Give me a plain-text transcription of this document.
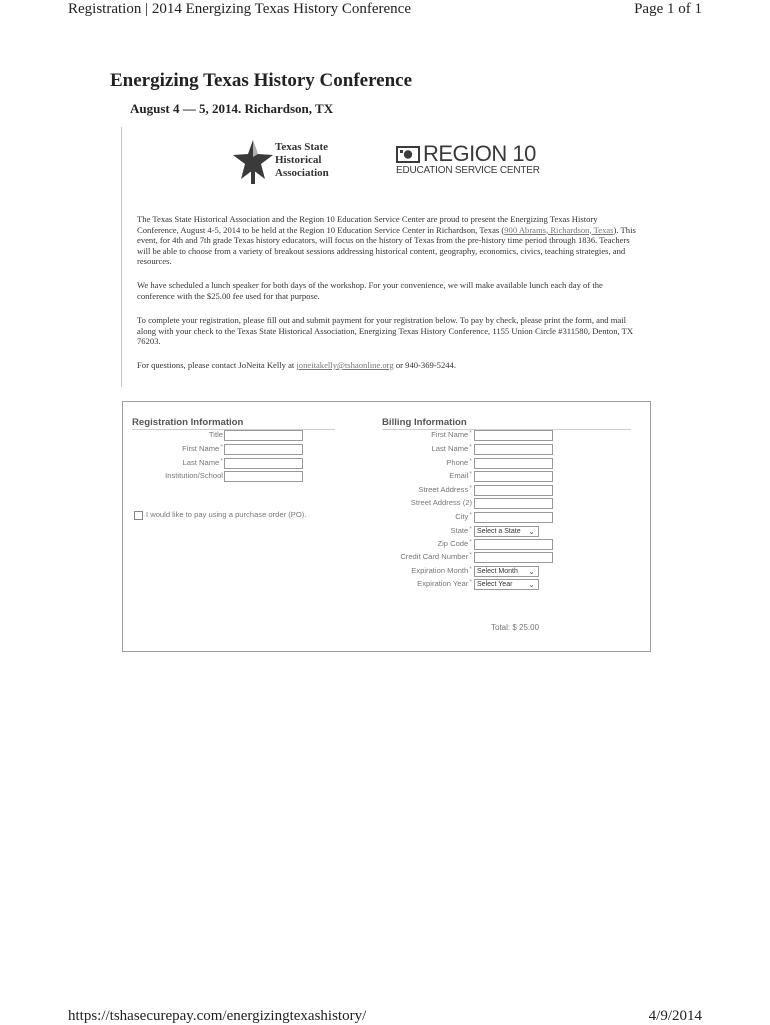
Registration | 2014 Energizing Texas History Conference	Page 1 of 1
https://tshasecurepay.com/energizingtexashistory/	4/9/2014
Energizing Texas History Conference
August 4 — 5, 2014. Richardson, TX
Texas State
Historical
Association
REGION 10
EDUCATION SERVICE CENTER

The Texas State Historical Association and the Region 10 Education Service Center are proud to present the Energizing Texas History Conference, August 4-5, 2014 to be held at the Region 10 Education Service Center in Richardson, Texas (900 Abrams, Richardson, Texas). This event, for 4th and 7th grade Texas history educators, will focus on the history of Texas from the pre-history time period through 1836. Teachers will be able to choose from a variety of breakout sessions addressing historical content, geography, economics, civics, teaching strategies, and resources.

We have scheduled a lunch speaker for both days of the workshop. For your convenience, we will make available lunch each day of the conference with the $25.00 fee used for that purpose.

To complete your registration, please fill out and submit payment for your registration below. To pay by check, please print the form, and mail along with your check to the Texas State Historical Association, Energizing Texas History Conference, 1155 Union Circle #311580, Denton, TX 76203.

For questions, please contact JoNeita Kelly at joneitakelly@tshaonline.org or 940-369-5244.

Registration Information
Title
First Name*
Last Name*
Institution/School
I would like to pay using a purchase order (PO).
Billing Information
First Name*
Last Name*
Phone*
Email*
Street Address*
Street Address (2)
City*
State* Select a State ⌄
Zip Code*
Credit Card Number*
Expiration Month* Select Month ⌄
Expiration Year* Select Year ⌄
Total: $ 25.00
